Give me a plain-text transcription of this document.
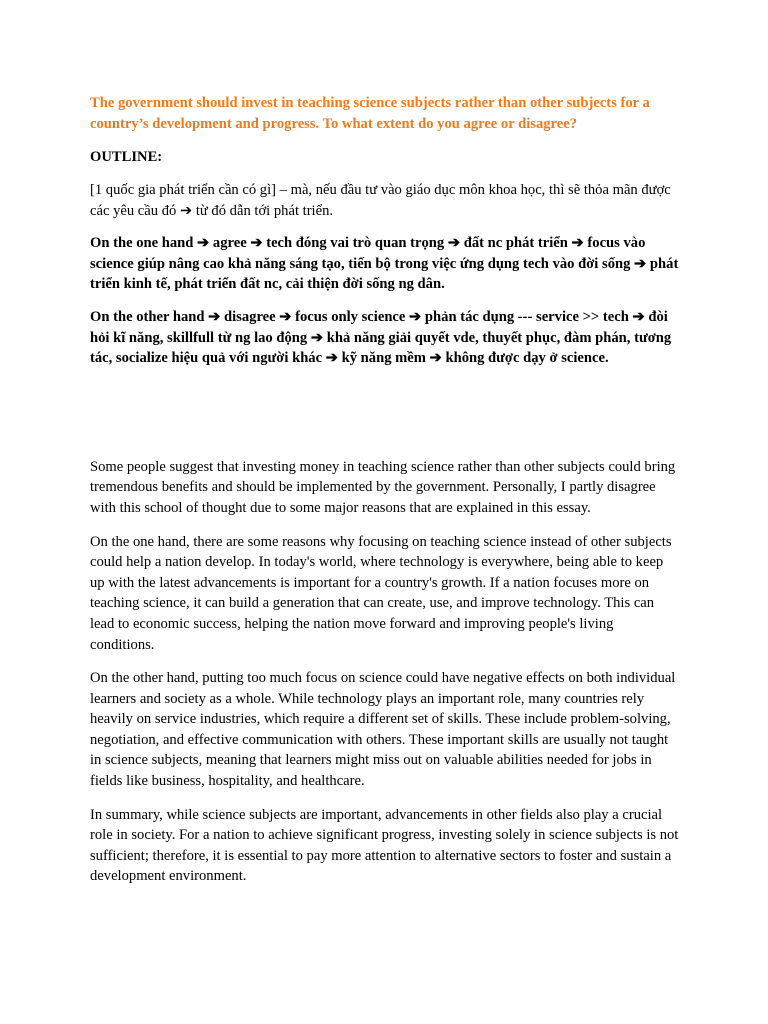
The government should invest in teaching science subjects rather than other subjects for a country’s development and progress. To what extent do you agree or disagree?

OUTLINE:

[1 quốc gia phát triển cần có gì] – mà, nếu đầu tư vào giáo dục môn khoa học, thì sẽ thỏa mãn được các yêu cầu đó ➔ từ đó dẫn tới phát triển.

On the one hand ➔ agree ➔ tech đóng vai trò quan trọng ➔ đất nc phát triển ➔ focus vào science giúp nâng cao khả năng sáng tạo, tiến bộ trong việc ứng dụng tech vào đời sống ➔ phát triển kinh tế, phát triển đất nc, cải thiện đời sống ng dân.

On the other hand ➔ disagree ➔ focus only science ➔ phản tác dụng --- service >> tech ➔ đòi hỏi kĩ năng, skillfull từ ng lao động ➔ khả năng giải quyết vde, thuyết phục, đàm phán, tương tác, socialize hiệu quả với người khác ➔ kỹ năng mềm ➔ không được dạy ở science.

Some people suggest that investing money in teaching science rather than other subjects could bring tremendous benefits and should be implemented by the government. Personally, I partly disagree with this school of thought due to some major reasons that are explained in this essay.

On the one hand, there are some reasons why focusing on teaching science instead of other subjects could help a nation develop. In today's world, where technology is everywhere, being able to keep up with the latest advancements is important for a country's growth. If a nation focuses more on teaching science, it can build a generation that can create, use, and improve technology. This can lead to economic success, helping the nation move forward and improving people's living conditions.

On the other hand, putting too much focus on science could have negative effects on both individual learners and society as a whole. While technology plays an important role, many countries rely heavily on service industries, which require a different set of skills. These include problem-solving, negotiation, and effective communication with others. These important skills are usually not taught in science subjects, meaning that learners might miss out on valuable abilities needed for jobs in fields like business, hospitality, and healthcare.

In summary, while science subjects are important, advancements in other fields also play a crucial role in society. For a nation to achieve significant progress, investing solely in science subjects is not sufficient; therefore, it is essential to pay more attention to alternative sectors to foster and sustain a development environment.
